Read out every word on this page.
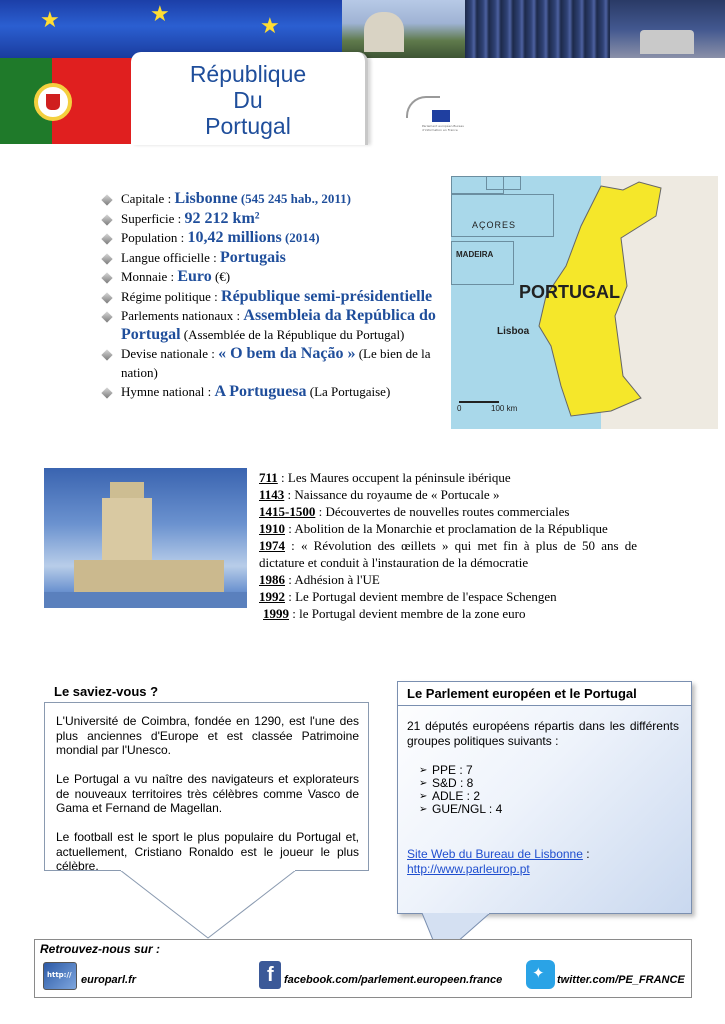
★	★	★
République
Du
Portugal	Parlement européen Bureau d'information en France
Capitale : Lisbonne (545 245 hab., 2011)
Superficie : 92 212 km²
Population : 10,42 millions (2014)
Langue officielle : Portugais
Monnaie : Euro (€)
Régime politique : République semi-présidentielle
Parlements nationaux : Assembleia da República do Portugal (Assemblée de la République du Portugal)
Devise nationale : « O bem da Nação » (Le bien de la nation)
Hymne national : A Portuguesa (La Portugaise)
AÇORES
MADEIRA
PORTUGAL
Lisboa
0	100 km

711 : Les Maures occupent la péninsule ibérique

1143 : Naissance du royaume de « Portucale »

1415-1500 : Découvertes de nouvelles routes commerciales

1910 : Abolition de la Monarchie et proclamation de la République

1974 : « Révolution des œillets » qui met fin à plus de 50 ans de dictature et conduit à l'instauration de la démocratie

1986 : Adhésion à l'UE

1992 : Le Portugal devient membre de l'espace Schengen

1999 : le Portugal devient membre de la zone euro

L'Université de Coimbra, fondée en 1290, est l'une des plus anciennes d'Europe et est classée Patrimoine mondial par l'Unesco.

Le Portugal a vu naître des navigateurs et explorateurs de nouveaux territoires très célèbres comme Vasco de Gama et Fernand de Magellan.

Le football est le sport le plus populaire du Portugal et, actuellement, Cristiano Ronaldo est le joueur le plus célèbre.

Le saviez-vous ?	Le Parlement européen et le Portugal
21 députés européens répartis dans les différents groupes politiques suivants :
➢ PPE : 7
➢ S&D : 8
➢ ADLE : 2
➢ GUE/NGL : 4
Site Web du Bureau de Lisbonne :
http://www.parleurop.pt
Retrouvez-nous sur :
http:// europarl.fr	f facebook.com/parlement.europeen.france ✦ twitter.com/PE_FRANCE
